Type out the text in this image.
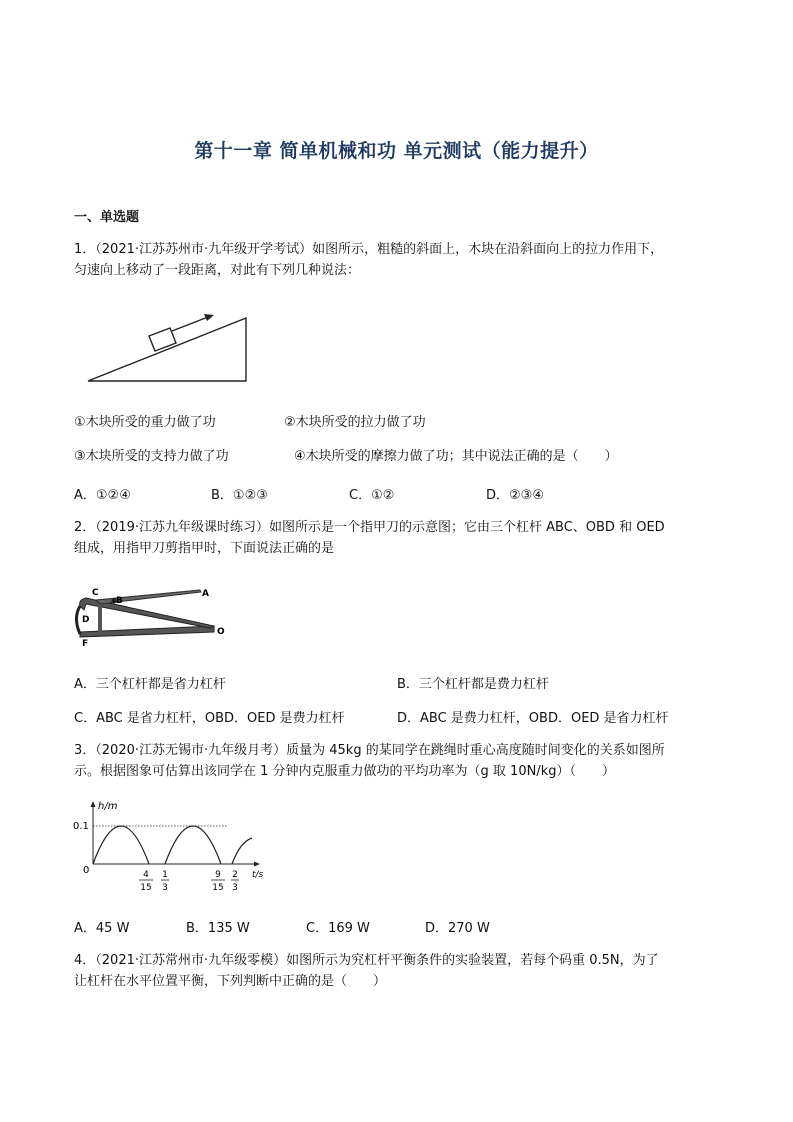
第十一章 简单机械和功 单元测试（能力提升）
一、单选题
1．（2021·江苏苏州市·九年级开学考试）如图所示，粗糙的斜面上，木块在沿斜面向上的拉力作用下，
匀速向上移动了一段距离，对此有下列几种说法：
①木块所受的重力做了功	②木块所受的拉力做了功
③木块所受的支持力做了功	④木块所受的摩擦力做了功；其中说法正确的是（　　）
A．①②④	B．①②③	C．①②	D．②③④
2．（2019·江苏九年级课时练习）如图所示是一个指甲刀的示意图；它由三个杠杆 ABC、OBD 和 OED
组成，用指甲刀剪指甲时，下面说法正确的是
C
B
A
D
F
O
A．三个杠杆都是省力杠杆	B．三个杠杆都是费力杠杆
C．ABC 是省力杠杆，OBD．OED 是费力杠杆	D．ABC 是费力杠杆，OBD．OED 是省力杠杆
3．（2020·江苏无锡市·九年级月考）质量为 45kg 的某同学在跳绳时重心高度随时间变化的关系如图所
示。根据图象可估算出该同学在 1 分钟内克服重力做功的平均功率为（g 取 10N/kg）（　　）
h/m
0.1
0	t/s
4
15
1
3
9
15
2
3
A．45 W	B．135 W	C．169 W	D．270 W
4．（2021·江苏常州市·九年级零模）如图所示为究杠杆平衡条件的实验装置，若每个码重 0.5N，为了
让杠杆在水平位置平衡，下列判断中正确的是（　　）
